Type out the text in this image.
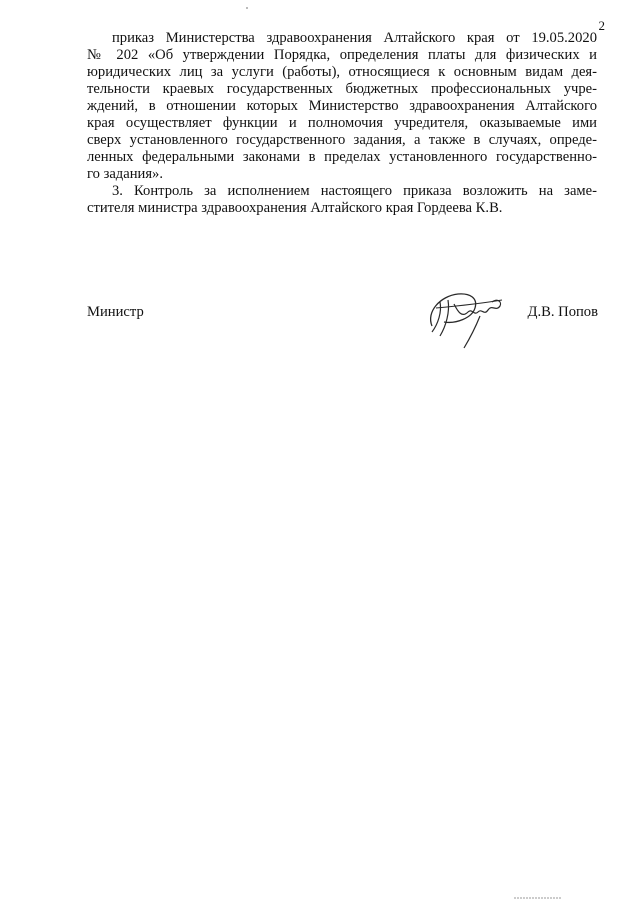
2
приказ Министерства здравоохранения Алтайского края от 19.05.2020
№ 202 «Об утверждении Порядка, определения платы для физических и
юридических лиц за услуги (работы), относящиеся к основным видам дея-
тельности краевых государственных бюджетных профессиональных учре-
ждений, в отношении которых Министерство здравоохранения Алтайского
края осуществляет функции и полномочия учредителя, оказываемые ими
сверх установленного государственного задания, а также в случаях, опреде-
ленных федеральными законами в пределах установленного государственно-
го задания».
3. Контроль за исполнением настоящего приказа возложить на заме-
стителя министра здравоохранения Алтайского края Гордеева К.В.
Министр	Д.В. Попов
